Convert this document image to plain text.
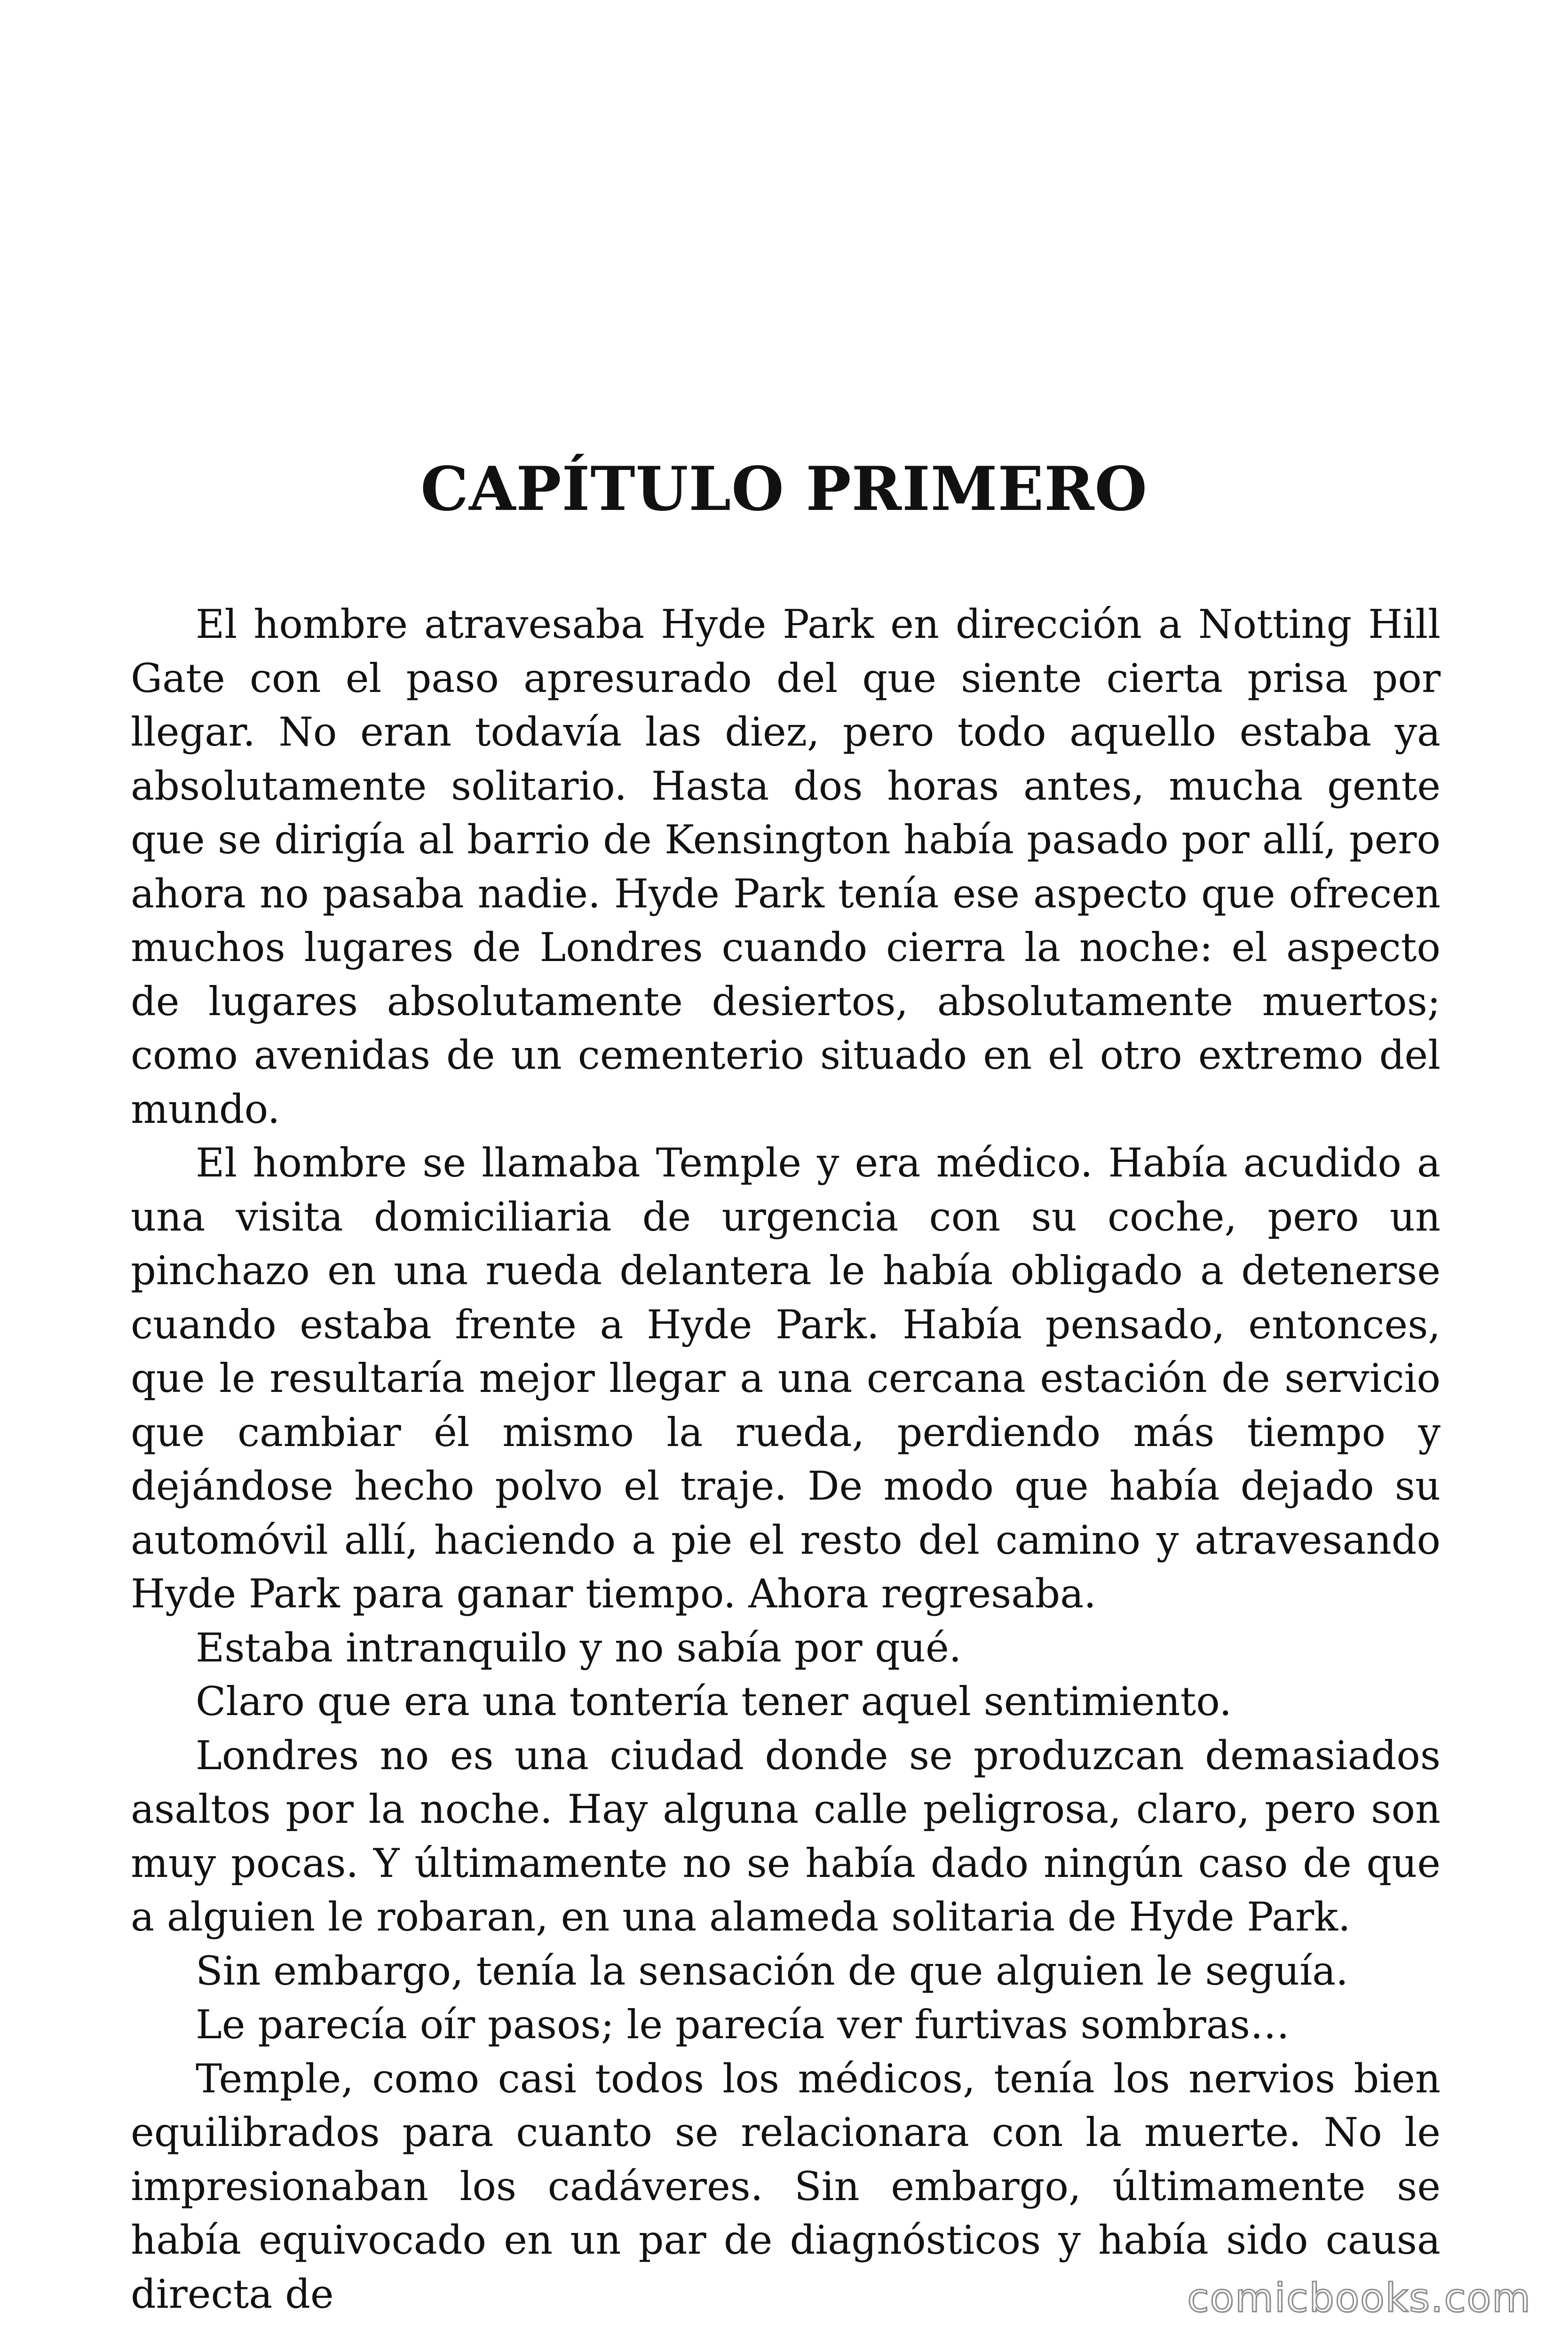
CAPÍTULO PRIMERO

El hombre atravesaba Hyde Park en dirección a Notting Hill Gate con el paso apresurado del que siente cierta prisa por llegar. No eran todavía las diez, pero todo aquello estaba ya absolutamente solitario. Hasta dos horas antes, mucha gente que se dirigía al barrio de Kensington había pasado por allí, pero ahora no pasaba nadie. Hyde Park tenía ese aspecto que ofrecen muchos lugares de Londres cuando cierra la noche: el aspecto de lugares absolutamente desiertos, absolutamente muertos; como avenidas de un cementerio situado en el otro extremo del mundo.

El hombre se llamaba Temple y era médico. Había acudido a una visita domiciliaria de urgencia con su coche, pero un pinchazo en una rueda delantera le había obligado a detenerse cuando estaba frente a Hyde Park. Había pensado, entonces, que le resultaría mejor llegar a una cercana estación de servicio que cambiar él mismo la rueda, perdiendo más tiempo y dejándose hecho polvo el traje. De modo que había dejado su automóvil allí, haciendo a pie el resto del camino y atravesando Hyde Park para ganar tiempo. Ahora regresaba.

Estaba intranquilo y no sabía por qué.

Claro que era una tontería tener aquel sentimiento.

Londres no es una ciudad donde se produzcan demasiados asaltos por la noche. Hay alguna calle peligrosa, claro, pero son muy pocas. Y últimamente no se había dado ningún caso de que a alguien le robaran, en una alameda solitaria de Hyde Park.

Sin embargo, tenía la sensación de que alguien le seguía.

Le parecía oír pasos; le parecía ver furtivas sombras…

Temple, como casi todos los médicos, tenía los nervios bien equilibrados para cuanto se relacionara con la muerte. No le impresionaban los cadáveres. Sin embargo, últimamente se había equivocado en un par de diagnósticos y había sido causa directa de	comicbooks.com
